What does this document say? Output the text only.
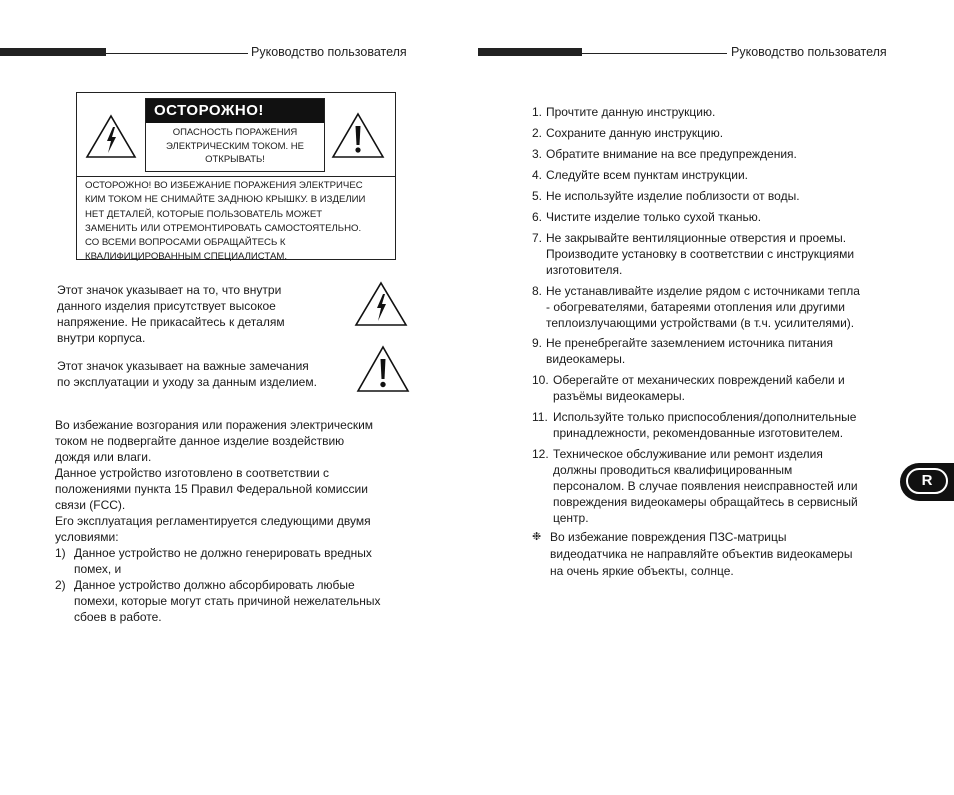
Руководство пользователя	Руководство пользователя
ОСТОРОЖНО!
ОПАСНОСТЬ ПОРАЖЕНИЯ
ЭЛЕКТРИЧЕСКИМ ТОКОМ. НЕ
ОТКРЫВАТЬ!
ОСТОРОЖНО! ВО ИЗБЕЖАНИЕ ПОРАЖЕНИЯ ЭЛЕКТРИЧЕС
КИМ ТОКОМ НЕ СНИМАЙТЕ ЗАДНЮЮ КРЫШКУ. В ИЗДЕЛИИ
НЕТ ДЕТАЛЕЙ, КОТОРЫЕ ПОЛЬЗОВАТЕЛЬ МОЖЕТ
ЗАМЕНИТЬ ИЛИ ОТРЕМОНТИРОВАТЬ САМОСТОЯТЕЛЬНО.
СО ВСЕМИ ВОПРОСАМИ ОБРАЩАЙТЕСЬ К
КВАЛИФИЦИРОВАННЫМ СПЕЦИАЛИСТАМ.
Этот значок указывает на то, что внутри
данного изделия присутствует высокое
напряжение. Не прикасайтесь к деталям
внутри корпуса.
Этот значок указывает на важные замечания
по эксплуатации и уходу за данным изделием.
Во избежание возгорания или поражения электрическим
током не подвергайте данное изделие воздействию
дождя или влаги.
Данное устройство изготовлено в соответствии с
положениями пункта 15 Правил Федеральной комиссии
связи (FCC).
Его эксплуатация регламентируется следующими двумя
условиями:
1) Данное устройство не должно генерировать вредных
помех, и
2) Данное устройство должно абсорбировать любые
помехи, которые могут стать причиной нежелательных
сбоев в работе.
1. Прочтите данную инструкцию.
2. Сохраните данную инструкцию.
3. Обратите внимание на все предупреждения.
4. Следуйте всем пунктам инструкции.
5. Не используйте изделие поблизости от воды.
6. Чистите изделие только сухой тканью.
7. Не закрывайте вентиляционные отверстия и проемы.
Производите установку в соответствии с инструкциями
изготовителя.
8. Не устанавливайте изделие рядом с источниками тепла
- обогревателями, батареями отопления или другими
теплоизлучающими устройствами (в т.ч. усилителями).
9. Не пренебрегайте заземлением источника питания
видеокамеры.
10. Оберегайте от механических повреждений кабели и
разъёмы видеокамеры.
11. Используйте только приспособления/дополнительные
принадлежности, рекомендованные изготовителем.
12. Техническое обслуживание или ремонт изделия
должны проводиться квалифицированным
персоналом. В случае появления неисправностей или
повреждения видеокамеры обращайтесь в сервисный
центр.
❉ Во избежание повреждения ПЗС-матрицы
видеодатчика не направляйте объектив видеокамеры
на очень яркие объекты, солнце.
R
